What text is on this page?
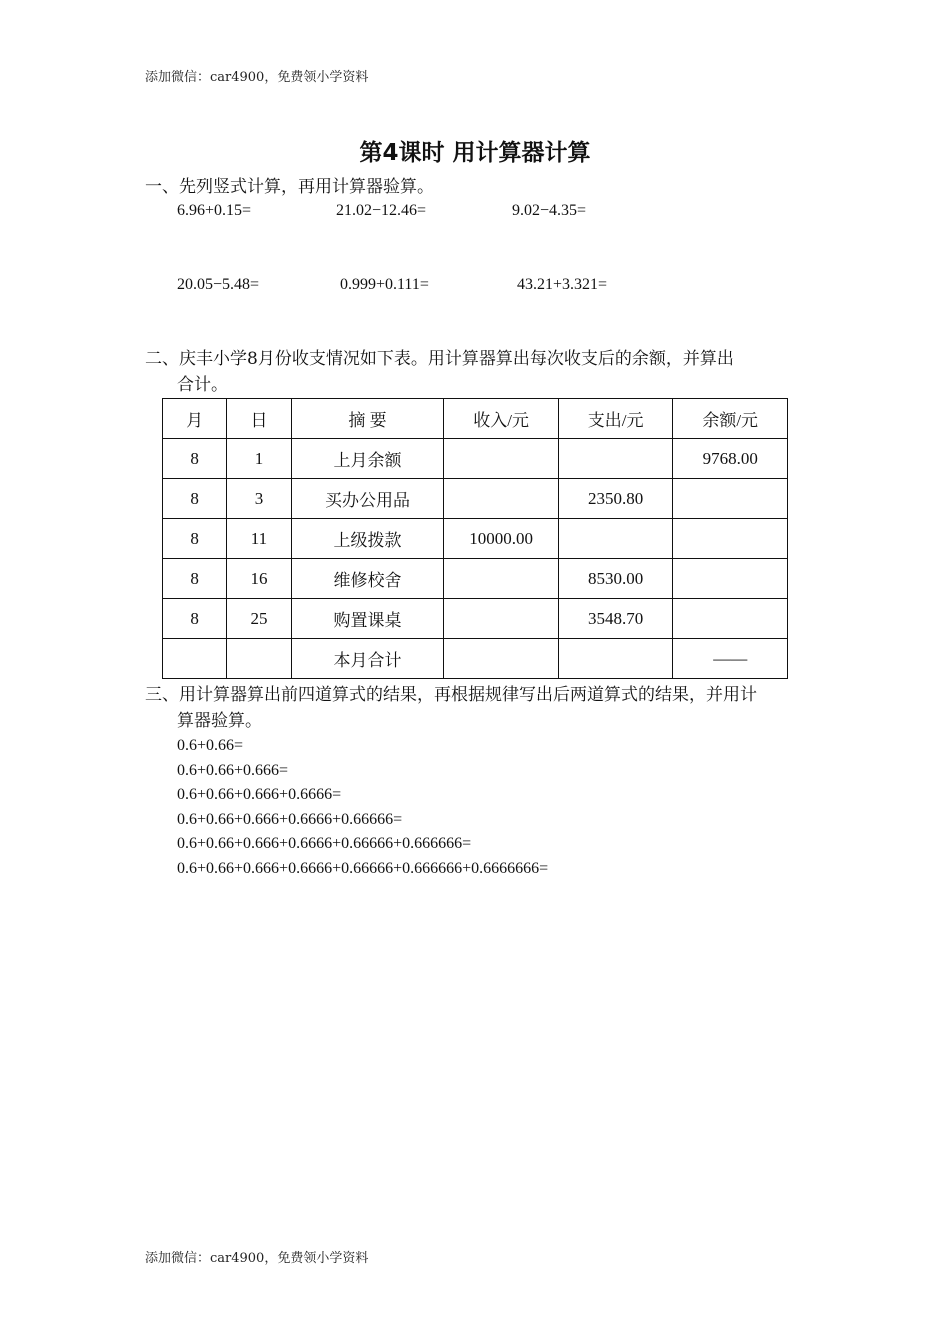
添加微信：car4900，免费领小学资料
第4课时 用计算器计算
一、先列竖式计算，再用计算器验算。
6.96+0.15=	21.02−12.46=	9.02−4.35=
20.05−5.48=	0.999+0.111=	43.21+3.321=
二、庆丰小学8月份收支情况如下表。用计算器算出每次收支后的余额，并算出
合计。
月	日	摘 要	收入/元	支出/元	余额/元
8	1	上月余额			9768.00
8	3	买办公用品		2350.80	
8	11	上级拨款	10000.00		
8	16	维修校舍		8530.00	
8	25	购置课桌		3548.70	
		本月合计			——
三、用计算器算出前四道算式的结果，再根据规律写出后两道算式的结果，并用计
算器验算。
0.6+0.66=
0.6+0.66+0.666=
0.6+0.66+0.666+0.6666=
0.6+0.66+0.666+0.6666+0.66666=
0.6+0.66+0.666+0.6666+0.66666+0.666666=
0.6+0.66+0.666+0.6666+0.66666+0.666666+0.6666666=
添加微信：car4900，免费领小学资料
